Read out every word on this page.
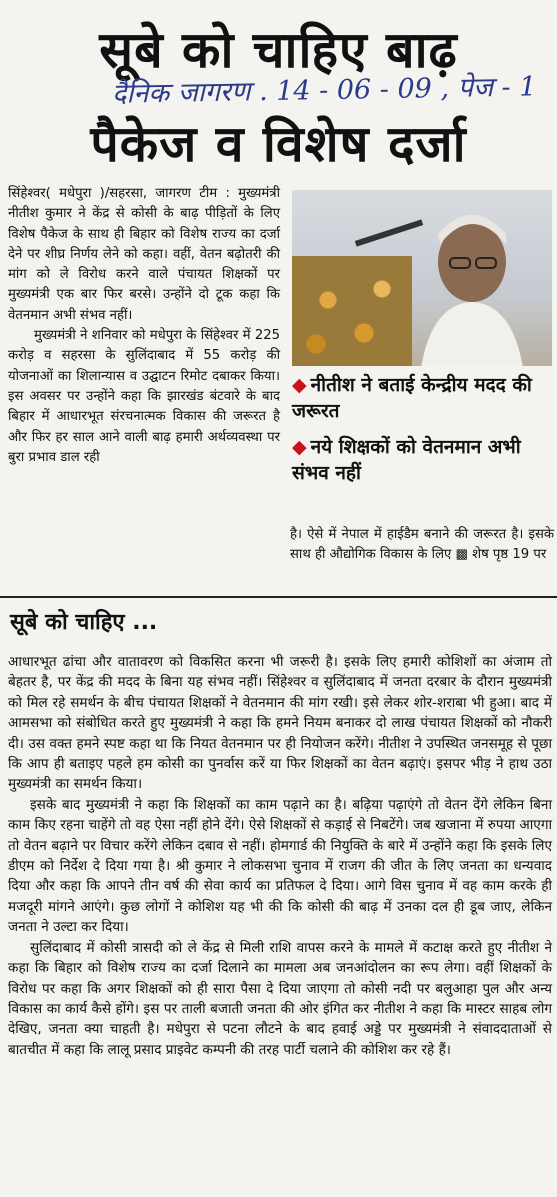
सूबे को चाहिए बाढ़
दैनिक जागरण . 14 - 06 - 09 , पेज - 1
पैकेज व विशेष दर्जा

सिंहेश्वर( मधेपुरा )/सहरसा, जागरण टीम : मुख्यमंत्री नीतीश कुमार ने केंद्र से कोसी के बाढ़ पीड़ितों के लिए विशेष पैकेज के साथ ही बिहार को विशेष राज्य का दर्जा देने पर शीघ्र निर्णय लेने को कहा। वहीं, वेतन बढ़ोतरी की मांग को ले विरोध करने वाले पंचायत शिक्षकों पर मुख्यमंत्री एक बार फिर बरसे। उन्होंने दो टूक कहा कि वेतनमान अभी संभव नहीं।

मुख्यमंत्री ने शनिवार को मधेपुरा के सिंहेश्वर में 225 करोड़ व सहरसा के सुलिंदाबाद में 55 करोड़ की योजनाओं का शिलान्यास व उद्घाटन रिमोट दबाकर किया। इस अवसर पर उन्होंने कहा कि झारखंड बंटवारे के बाद बिहार में आधारभूत संरचनात्मक विकास की जरूरत है और फिर हर साल आने वाली बाढ़ हमारी अर्थव्यवस्था पर बुरा प्रभाव डाल रही

◆ नीतीश ने बताई केन्द्रीय मदद की जरूरत
◆ नये शिक्षकों को वेतनमान अभी संभव नहीं
है। ऐसे में नेपाल में हाईडैम बनाने की जरूरत है। इसके साथ ही औद्योगिक विकास के लिए ▩ शेष पृष्ठ 19 पर
सूबे को चाहिए ...

आधारभूत ढांचा और वातावरण को विकसित करना भी जरूरी है। इसके लिए हमारी कोशिशों का अंजाम तो बेहतर है, पर केंद्र की मदद के बिना यह संभव नहीं। सिंहेश्वर व सुलिंदाबाद में जनता दरबार के दौरान मुख्यमंत्री को मिल रहे समर्थन के बीच पंचायत शिक्षकों ने वेतनमान की मांग रखी। इसे लेकर शोर-शराबा भी हुआ। बाद में आमसभा को संबोधित करते हुए मुख्यमंत्री ने कहा कि हमने नियम बनाकर दो लाख पंचायत शिक्षकों को नौकरी दी। उस वक्त हमने स्पष्ट कहा था कि नियत वेतनमान पर ही नियोजन करेंगे। नीतीश ने उपस्थित जनसमूह से पूछा कि आप ही बताइए पहले हम कोसी का पुनर्वास करें या फिर शिक्षकों का वेतन बढ़ाएं। इसपर भीड़ ने हाथ उठा मुख्यमंत्री का समर्थन किया।

इसके बाद मुख्यमंत्री ने कहा कि शिक्षकों का काम पढ़ाने का है। बढ़िया पढ़ाएंगे तो वेतन देंगे लेकिन बिना काम किए रहना चाहेंगे तो वह ऐसा नहीं होने देंगे। ऐसे शिक्षकों से कड़ाई से निबटेंगे। जब खजाना में रुपया आएगा तो वेतन बढ़ाने पर विचार करेंगे लेकिन दबाव से नहीं। होमगार्ड की नियुक्ति के बारे में उन्होंने कहा कि इसके लिए डीएम को निर्देश दे दिया गया है। श्री कुमार ने लोकसभा चुनाव में राजग की जीत के लिए जनता का धन्यवाद दिया और कहा कि आपने तीन वर्ष की सेवा कार्य का प्रतिफल दे दिया। आगे विस चुनाव में वह काम करके ही मजदूरी मांगने आएंगे। कुछ लोगों ने कोशिश यह भी की कि कोसी की बाढ़ में उनका दल ही डूब जाए, लेकिन जनता ने उल्टा कर दिया।

सुलिंदाबाद में कोसी त्रासदी को ले केंद्र से मिली राशि वापस करने के मामले में कटाक्ष करते हुए नीतीश ने कहा कि बिहार को विशेष राज्य का दर्जा दिलाने का मामला अब जनआंदोलन का रूप लेगा। वहीं शिक्षकों के विरोध पर कहा कि अगर शिक्षकों को ही सारा पैसा दे दिया जाएगा तो कोसी नदी पर बलुआहा पुल और अन्य विकास का कार्य कैसे होंगे। इस पर ताली बजाती जनता की ओर इंगित कर नीतीश ने कहा कि मास्टर साहब लोग देखिए, जनता क्या चाहती है। मधेपुरा से पटना लौटने के बाद हवाई अड्डे पर मुख्यमंत्री ने संवाददाताओं से बातचीत में कहा कि लालू प्रसाद प्राइवेट कम्पनी की तरह पार्टी चलाने की कोशिश कर रहे हैं।
